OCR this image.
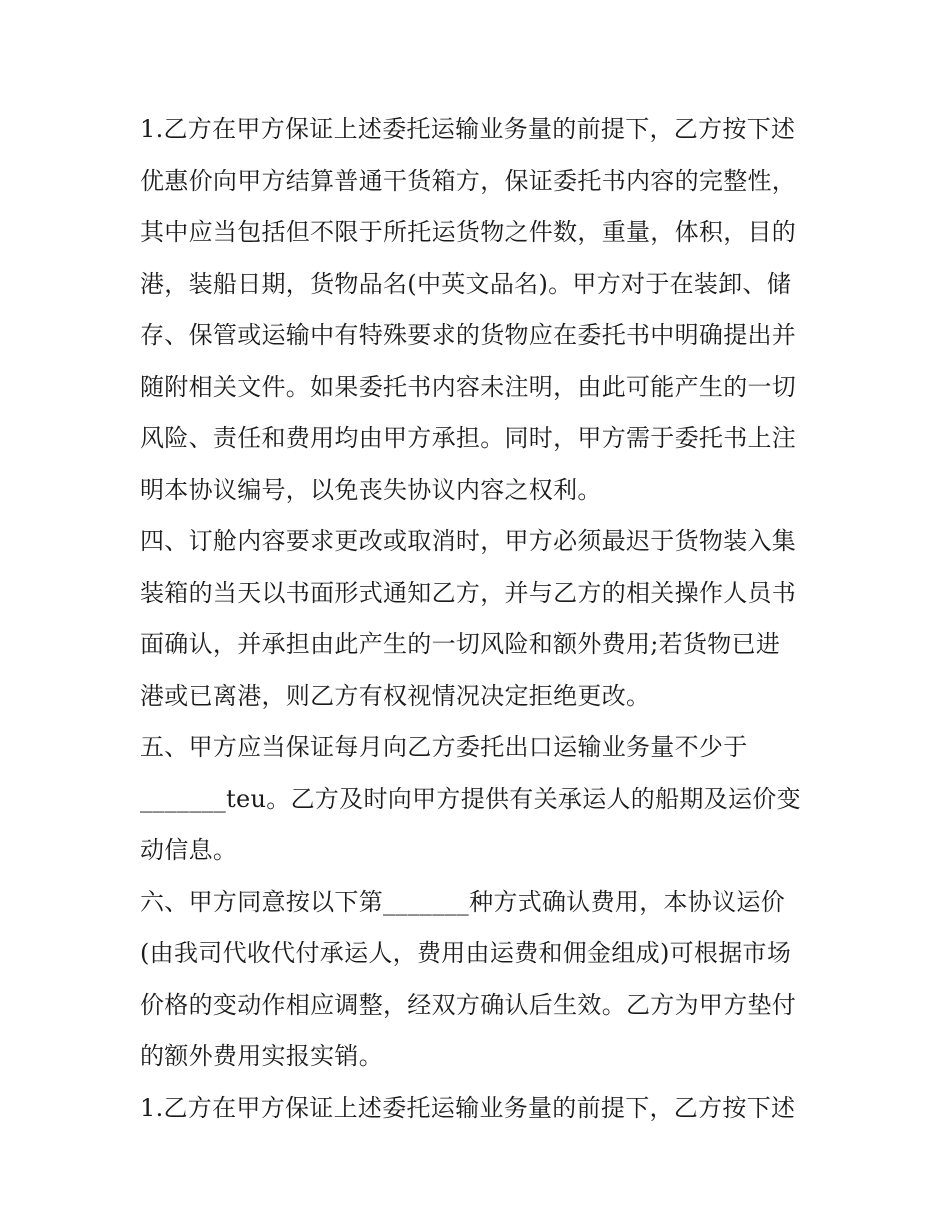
1.乙方在甲方保证上述委托运输业务量的前提下，乙方按下述
优惠价向甲方结算普通干货箱方，保证委托书内容的完整性，
其中应当包括但不限于所托运货物之件数，重量，体积，目的
港，装船日期，货物品名(中英文品名)。甲方对于在装卸、储
存、保管或运输中有特殊要求的货物应在委托书中明确提出并
随附相关文件。如果委托书内容未注明，由此可能产生的一切
风险、责任和费用均由甲方承担。同时，甲方需于委托书上注
明本协议编号，以免丧失协议内容之权利。
四、订舱内容要求更改或取消时，甲方必须最迟于货物装入集
装箱的当天以书面形式通知乙方，并与乙方的相关操作人员书
面确认，并承担由此产生的一切风险和额外费用;若货物已进
港或已离港，则乙方有权视情况决定拒绝更改。
五、甲方应当保证每月向乙方委托出口运输业务量不少于
_______teu。乙方及时向甲方提供有关承运人的船期及运价变
动信息。
六、甲方同意按以下第_______种方式确认费用，本协议运价
(由我司代收代付承运人，费用由运费和佣金组成)可根据市场
价格的变动作相应调整，经双方确认后生效。乙方为甲方垫付
的额外费用实报实销。
1.乙方在甲方保证上述委托运输业务量的前提下，乙方按下述
